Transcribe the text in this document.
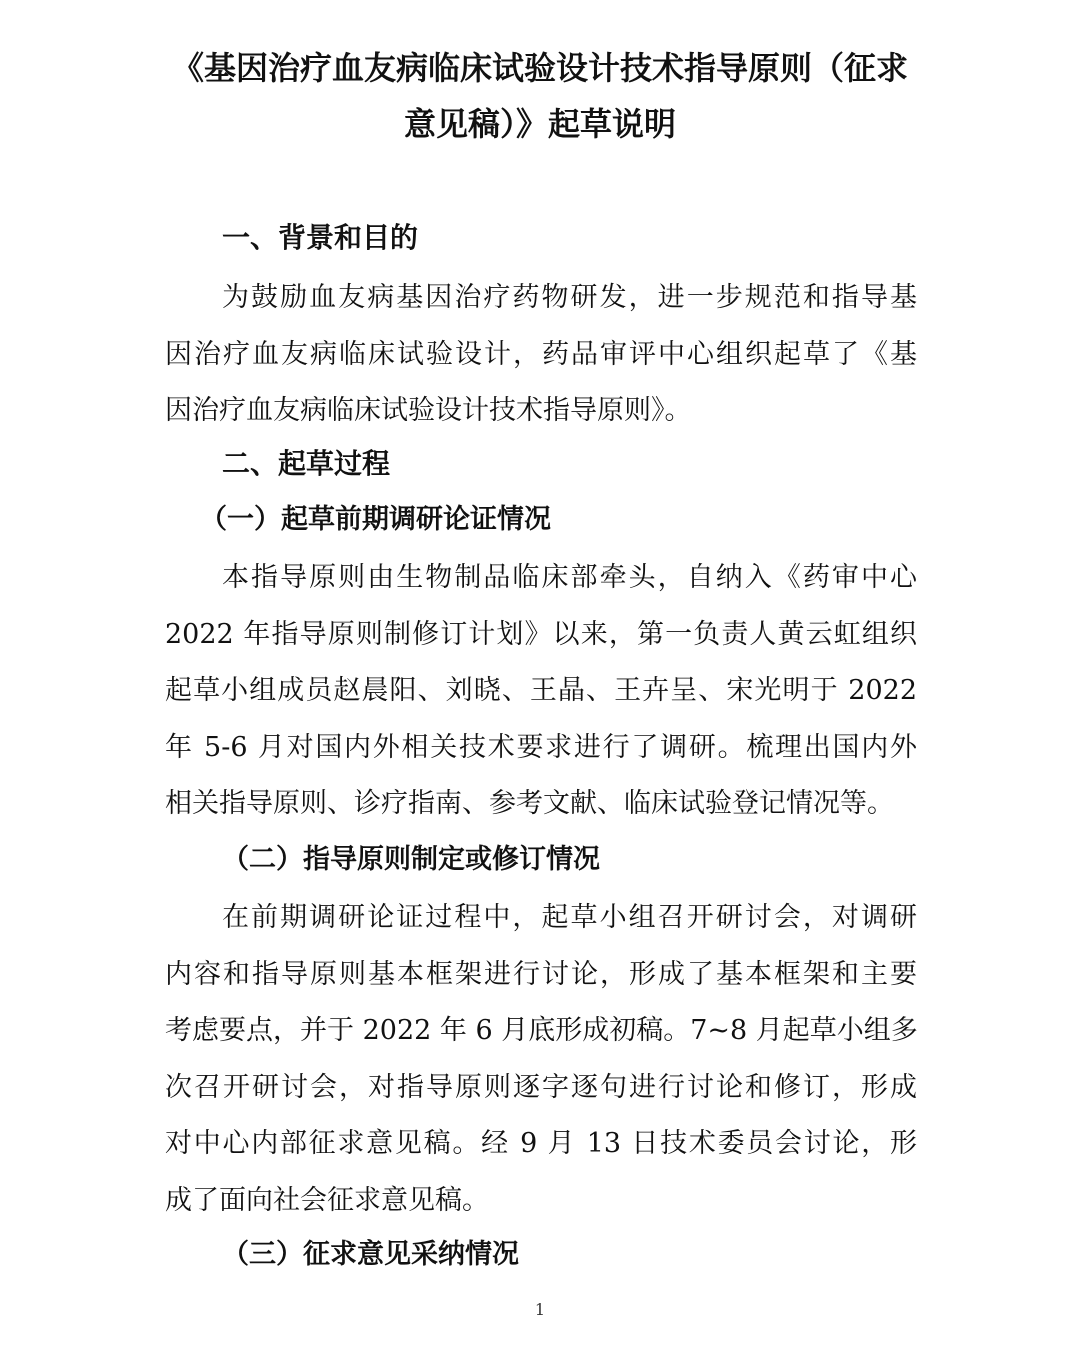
《基因治疗血友病临床试验设计技术指导原则（征求
意见稿）》起草说明
一、背景和目的

为鼓励血友病基因治疗药物研发，进一步规范和指导基
因治疗血友病临床试验设计，药品审评中心组织起草了《基
因治疗血友病临床试验设计技术指导原则》。

二、起草过程
（一）起草前期调研论证情况

本指导原则由生物制品临床部牵头，自纳入《药审中心
2022 年指导原则制修订计划》以来，第一负责人黄云虹组织
起草小组成员赵晨阳、刘晓、王晶、王卉呈、宋光明于 2022
年 5-6 月对国内外相关技术要求进行了调研。梳理出国内外
相关指导原则、诊疗指南、参考文献、临床试验登记情况等。

（二）指导原则制定或修订情况

在前期调研论证过程中，起草小组召开研讨会，对调研
内容和指导原则基本框架进行讨论，形成了基本框架和主要
考虑要点，并于 2022 年 6 月底形成初稿。7~8 月起草小组多
次召开研讨会，对指导原则逐字逐句进行讨论和修订，形成
对中心内部征求意见稿。经 9 月 13 日技术委员会讨论，形
成了面向社会征求意见稿。

（三）征求意见采纳情况
1
